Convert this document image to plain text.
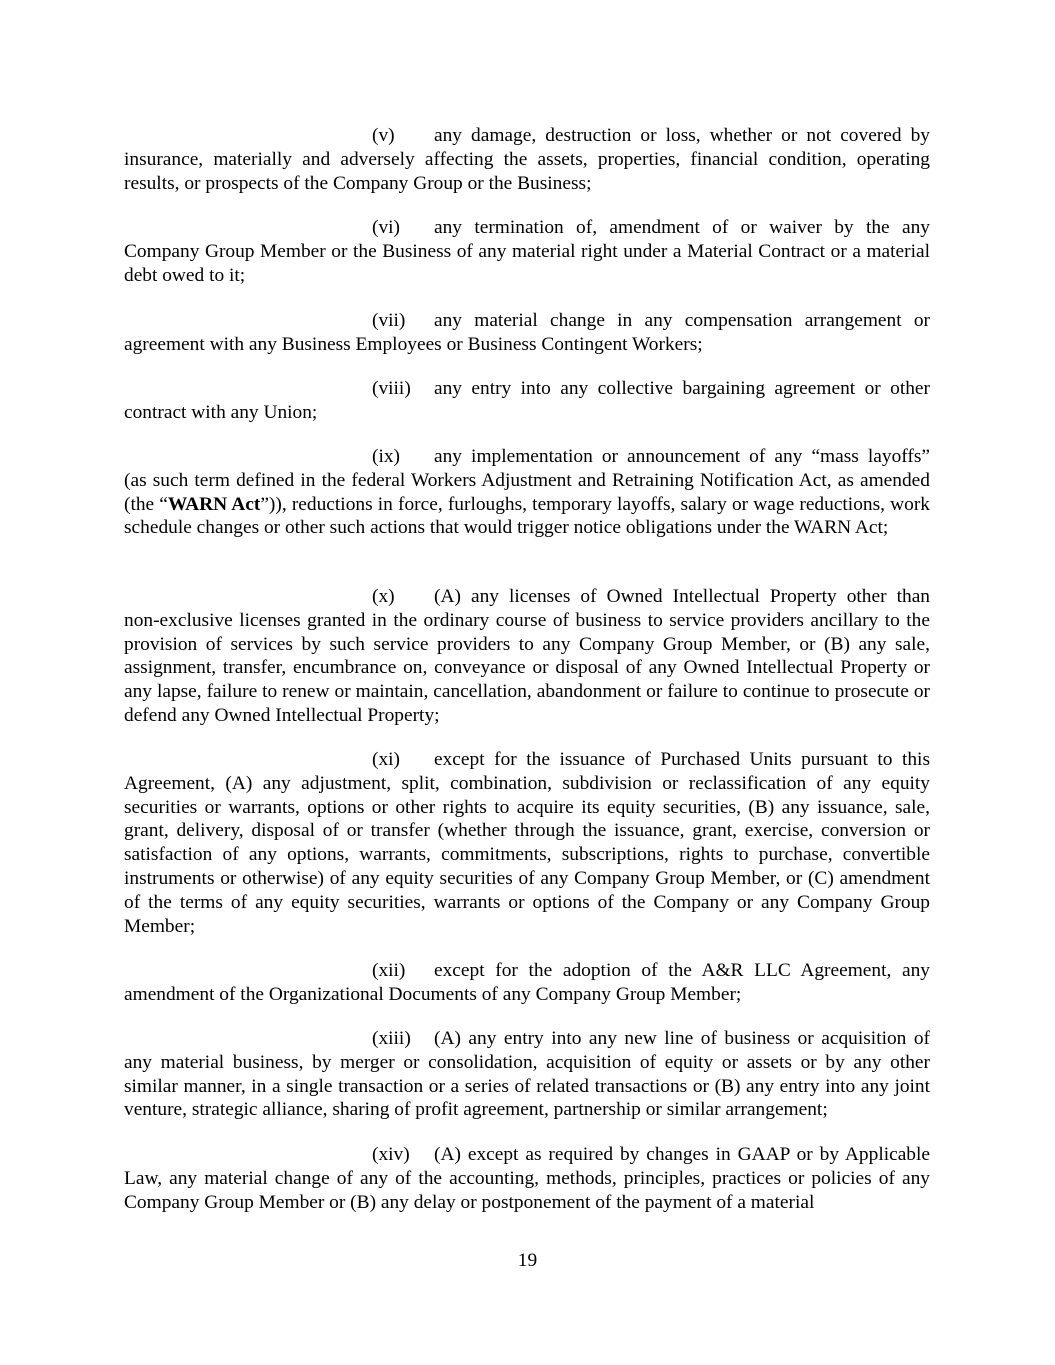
(v) any damage, destruction or loss, whether or not covered by
insurance, materially and adversely affecting the assets, properties, financial condition, operating results, or prospects of the Company Group or the Business;
(vi) any termination of, amendment of or waiver by the any
Company Group Member or the Business of any material right under a Material Contract or a material debt owed to it;
(vii) any material change in any compensation arrangement or
agreement with any Business Employees or Business Contingent Workers;
(viii) any entry into any collective bargaining agreement or other
contract with any Union;
(ix) any implementation or announcement of any “mass layoffs”
(as such term defined in the federal Workers Adjustment and Retraining Notification Act, as amended (the “WARN Act”)), reductions in force, furloughs, temporary layoffs, salary or wage reductions, work schedule changes or other such actions that would trigger notice obligations under the WARN Act;
(x) (A) any licenses of Owned Intellectual Property other than
non-exclusive licenses granted in the ordinary course of business to service providers ancillary to the provision of services by such service providers to any Company Group Member, or (B) any sale, assignment, transfer, encumbrance on, conveyance or disposal of any Owned Intellectual Property or any lapse, failure to renew or maintain, cancellation, abandonment or failure to continue to prosecute or defend any Owned Intellectual Property;
(xi) except for the issuance of Purchased Units pursuant to this
Agreement, (A) any adjustment, split, combination, subdivision or reclassification of any equity securities or warrants, options or other rights to acquire its equity securities, (B) any issuance, sale, grant, delivery, disposal of or transfer (whether through the issuance, grant, exercise, conversion or satisfaction of any options, warrants, commitments, subscriptions, rights to purchase, convertible instruments or otherwise) of any equity securities of any Company Group Member, or (C) amendment of the terms of any equity securities, warrants or options of the Company or any Company Group Member;
(xii) except for the adoption of the A&R LLC Agreement, any
amendment of the Organizational Documents of any Company Group Member;
(xiii) (A) any entry into any new line of business or acquisition of
any material business, by merger or consolidation, acquisition of equity or assets or by any other similar manner, in a single transaction or a series of related transactions or (B) any entry into any joint venture, strategic alliance, sharing of profit agreement, partnership or similar arrangement;
(xiv) (A) except as required by changes in GAAP or by Applicable
Law, any material change of any of the accounting, methods, principles, practices or policies of any Company Group Member or (B) any delay or postponement of the payment of a material
19
